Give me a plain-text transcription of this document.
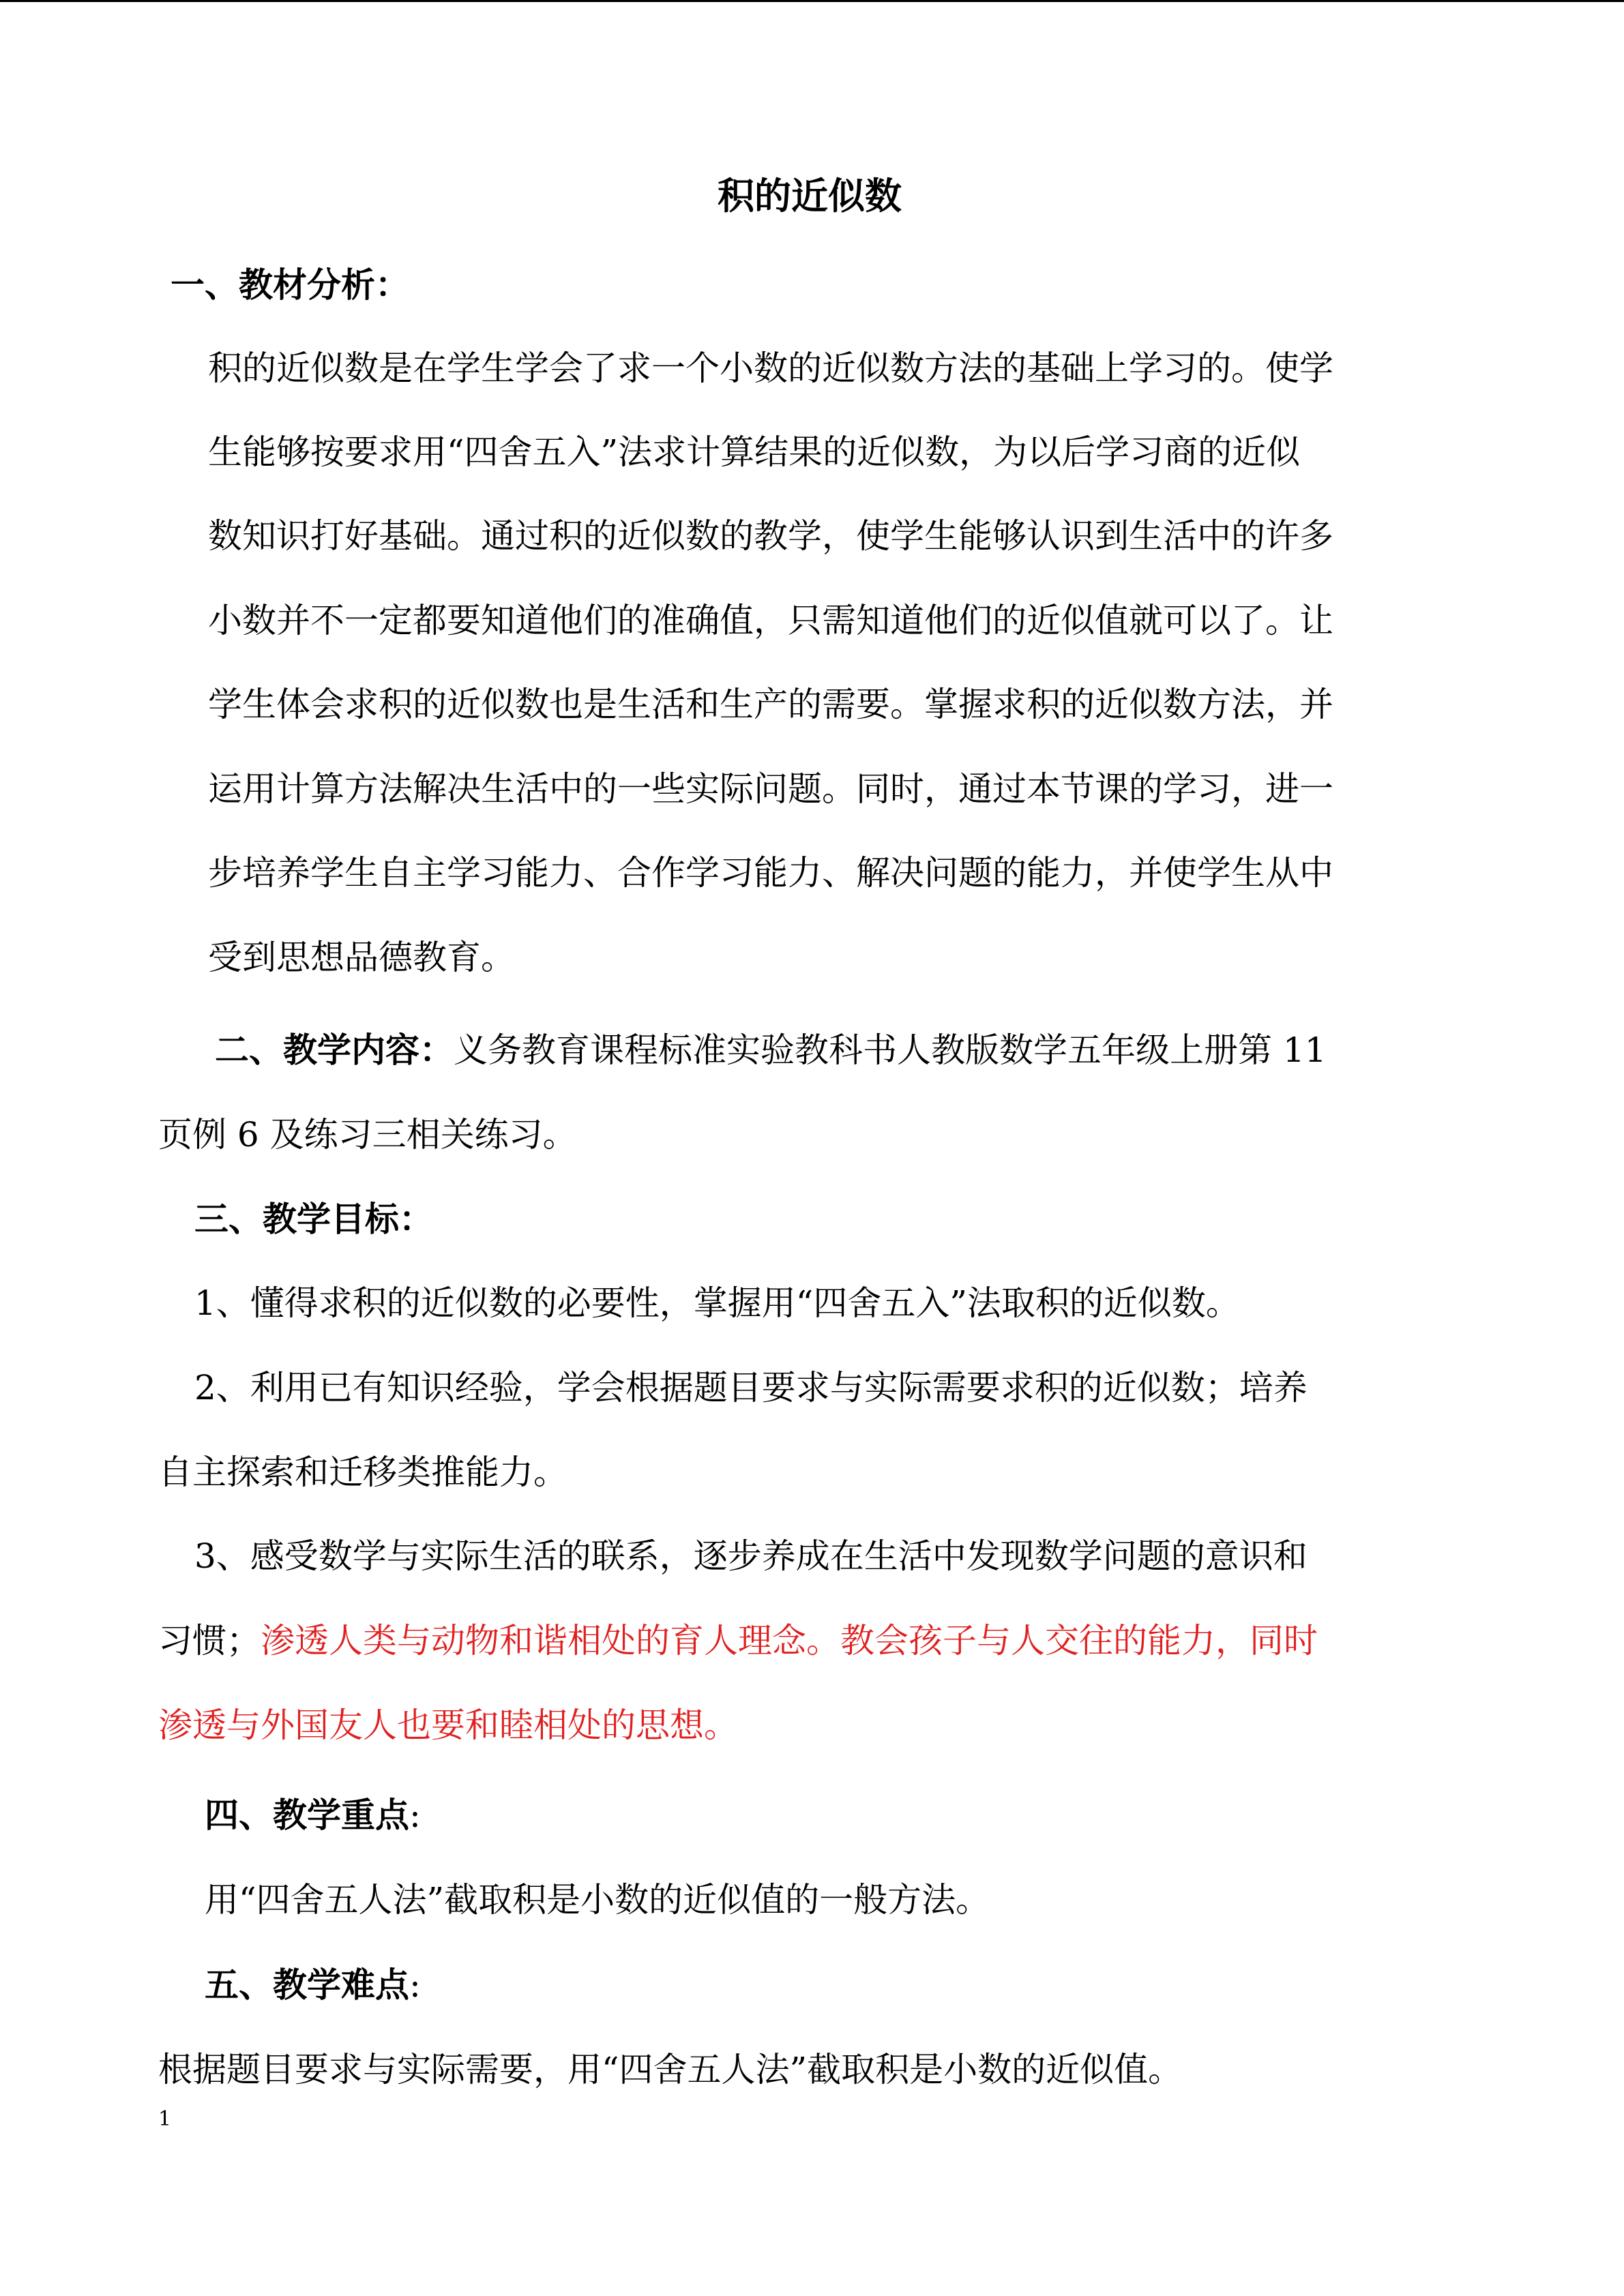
积的近似数
一、教材分析：
积的近似数是在学生学会了求一个小数的近似数方法的基础上学习的。使学
生能够按要求用“四舍五入”法求计算结果的近似数，为以后学习商的近似
数知识打好基础。通过积的近似数的教学，使学生能够认识到生活中的许多
小数并不一定都要知道他们的准确值，只需知道他们的近似值就可以了。让
学生体会求积的近似数也是生活和生产的需要。掌握求积的近似数方法，并
运用计算方法解决生活中的一些实际问题。同时，通过本节课的学习，进一
步培养学生自主学习能力、合作学习能力、解决问题的能力，并使学生从中
受到思想品德教育。
二、教学内容：义务教育课程标准实验教科书人教版数学五年级上册第 11
页例 6 及练习三相关练习。
三、教学目标：
1、懂得求积的近似数的必要性，掌握用“四舍五入”法取积的近似数。
2、利用已有知识经验，学会根据题目要求与实际需要求积的近似数；培养
自主探索和迁移类推能力。
3、感受数学与实际生活的联系，逐步养成在生活中发现数学问题的意识和
习惯；渗透人类与动物和谐相处的育人理念。教会孩子与人交往的能力，同时
渗透与外国友人也要和睦相处的思想。
四、教学重点:
用“四舍五人法”截取积是小数的近似值的一般方法。
五、教学难点:
根据题目要求与实际需要，用“四舍五人法”截取积是小数的近似值。
1
